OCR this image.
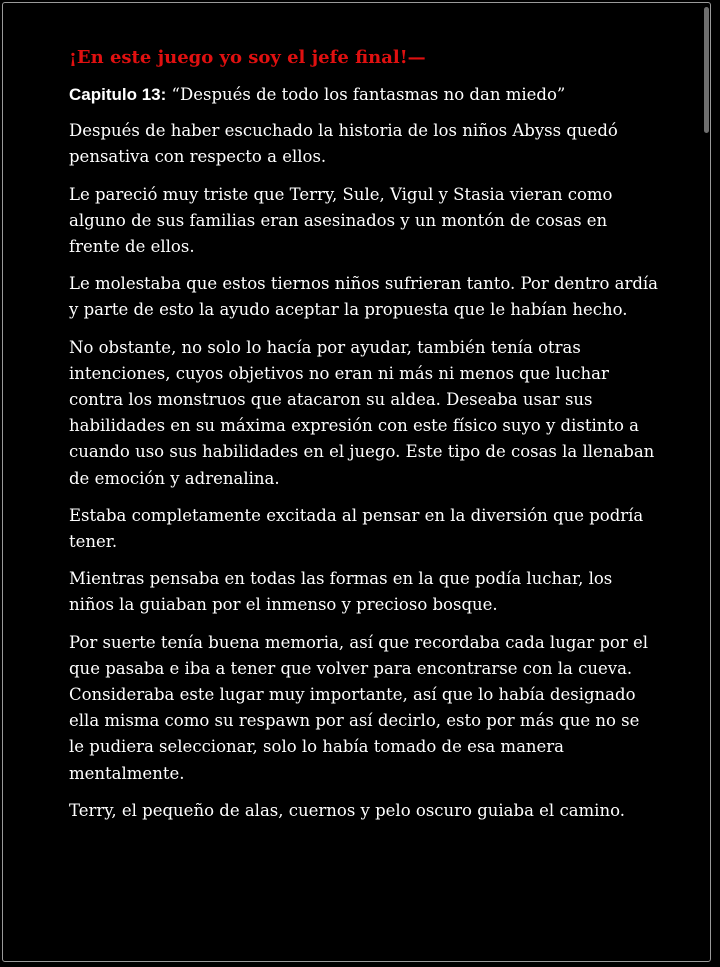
¡En este juego yo soy el jefe final!—
Capitulo 13: “Después de todo los fantasmas no dan miedo”

Después de haber escuchado la historia de los niños Abyss quedó pensativa con respecto a ellos.

Le pareció muy triste que Terry, Sule, Vigul y Stasia vieran como alguno de sus familias eran asesinados y un montón de cosas en frente de ellos.

Le molestaba que estos tiernos niños sufrieran tanto. Por dentro ardía y parte de esto la ayudo aceptar la propuesta que le habían hecho.

No obstante, no solo lo hacía por ayudar, también tenía otras intenciones, cuyos objetivos no eran ni más ni menos que luchar contra los monstruos que atacaron su aldea. Deseaba usar sus habilidades en su máxima expresión con este físico suyo y distinto a cuando uso sus habilidades en el juego. Este tipo de cosas la llenaban de emoción y adrenalina.

Estaba completamente excitada al pensar en la diversión que podría tener.

Mientras pensaba en todas las formas en la que podía luchar, los niños la guiaban por el inmenso y precioso bosque.

Por suerte tenía buena memoria, así que recordaba cada lugar por el que pasaba e iba a tener que volver para encontrarse con la cueva. Consideraba este lugar muy importante, así que lo había designado ella misma como su respawn por así decirlo, esto por más que no se le pudiera seleccionar, solo lo había tomado de esa manera mentalmente.

Terry, el pequeño de alas, cuernos y pelo oscuro guiaba el camino.
